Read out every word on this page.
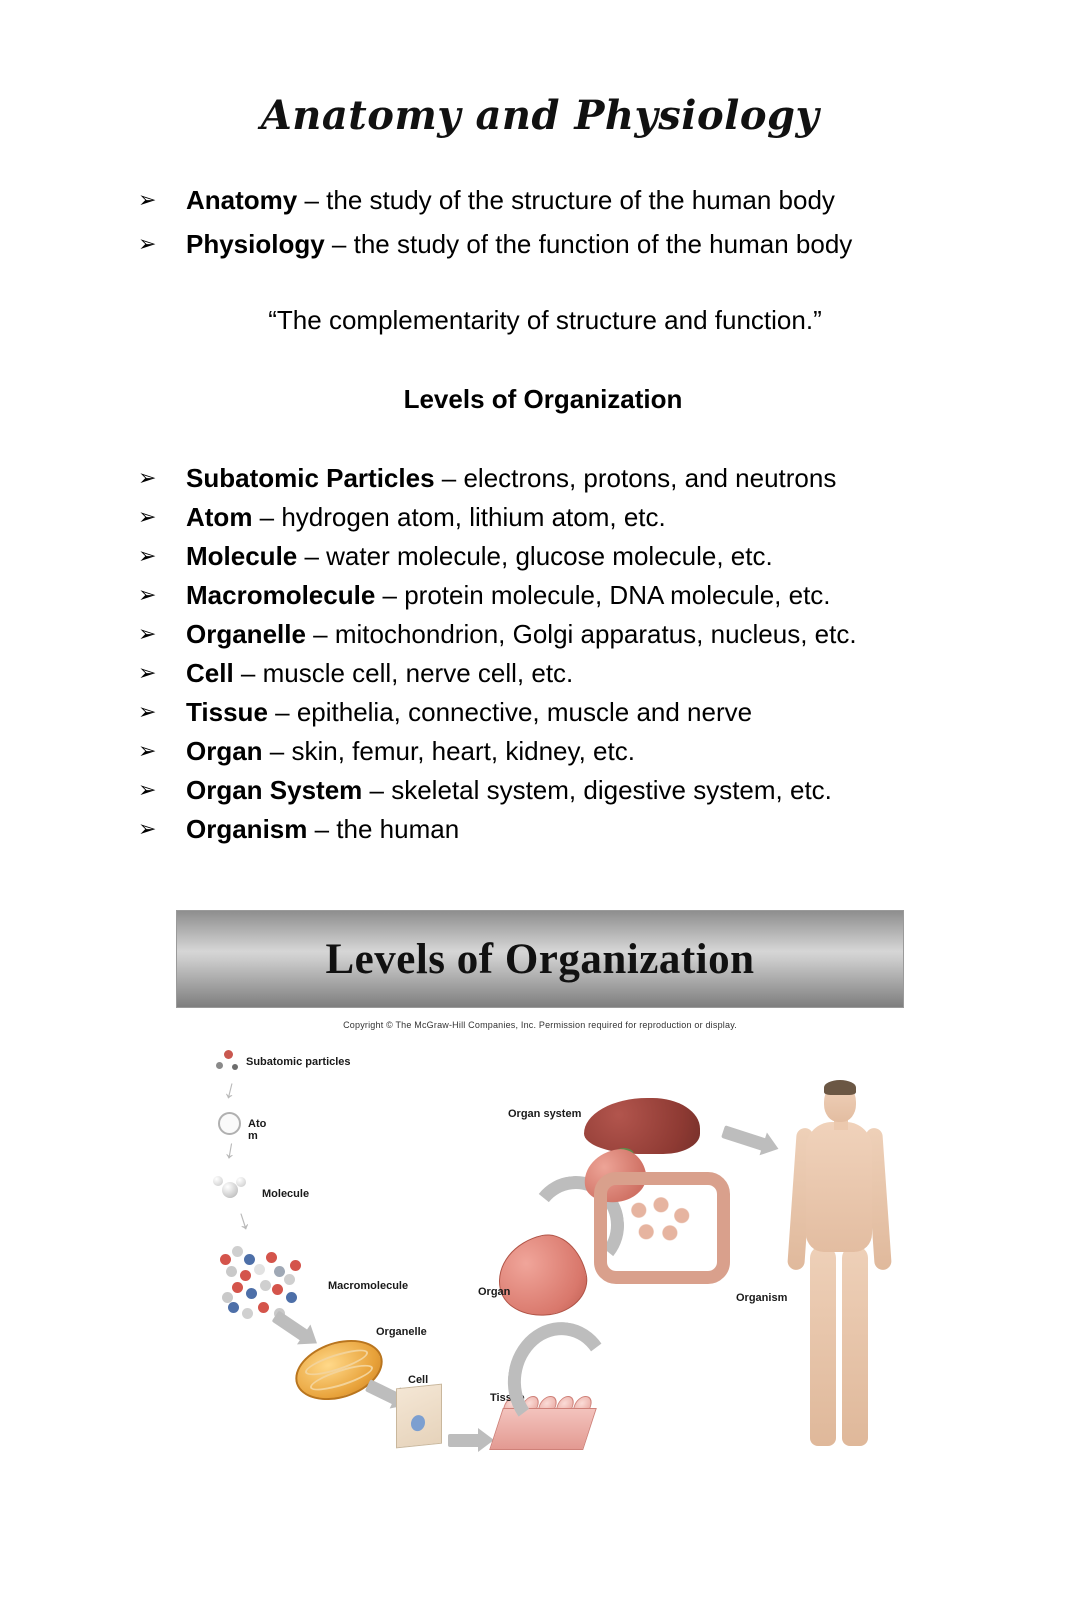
Anatomy and Physiology
➢	Anatomy – the study of the structure of the human body
➢	Physiology – the study of the function of the human body
“The complementarity of structure and function.”
Levels of Organization
➢	Subatomic Particles – electrons, protons, and neutrons
➢	Atom – hydrogen atom, lithium atom, etc.
➢	Molecule – water molecule, glucose molecule, etc.
➢	Macromolecule – protein molecule, DNA molecule, etc.
➢	Organelle – mitochondrion, Golgi apparatus, nucleus, etc.
➢	Cell – muscle cell, nerve cell, etc.
➢	Tissue – epithelia, connective, muscle and nerve
➢	Organ – skin, femur, heart, kidney, etc.
➢	Organ System – skeletal system, digestive system, etc.
➢	Organism – the human
Levels of Organization
Copyright © The McGraw-Hill Companies, Inc. Permission required for reproduction or display.
Subatomic particles
↓
Ato
m
↓
Molecule
↓
Macromolecule
Organelle
Cell
Tissue
Organ
Organ system
Organism
